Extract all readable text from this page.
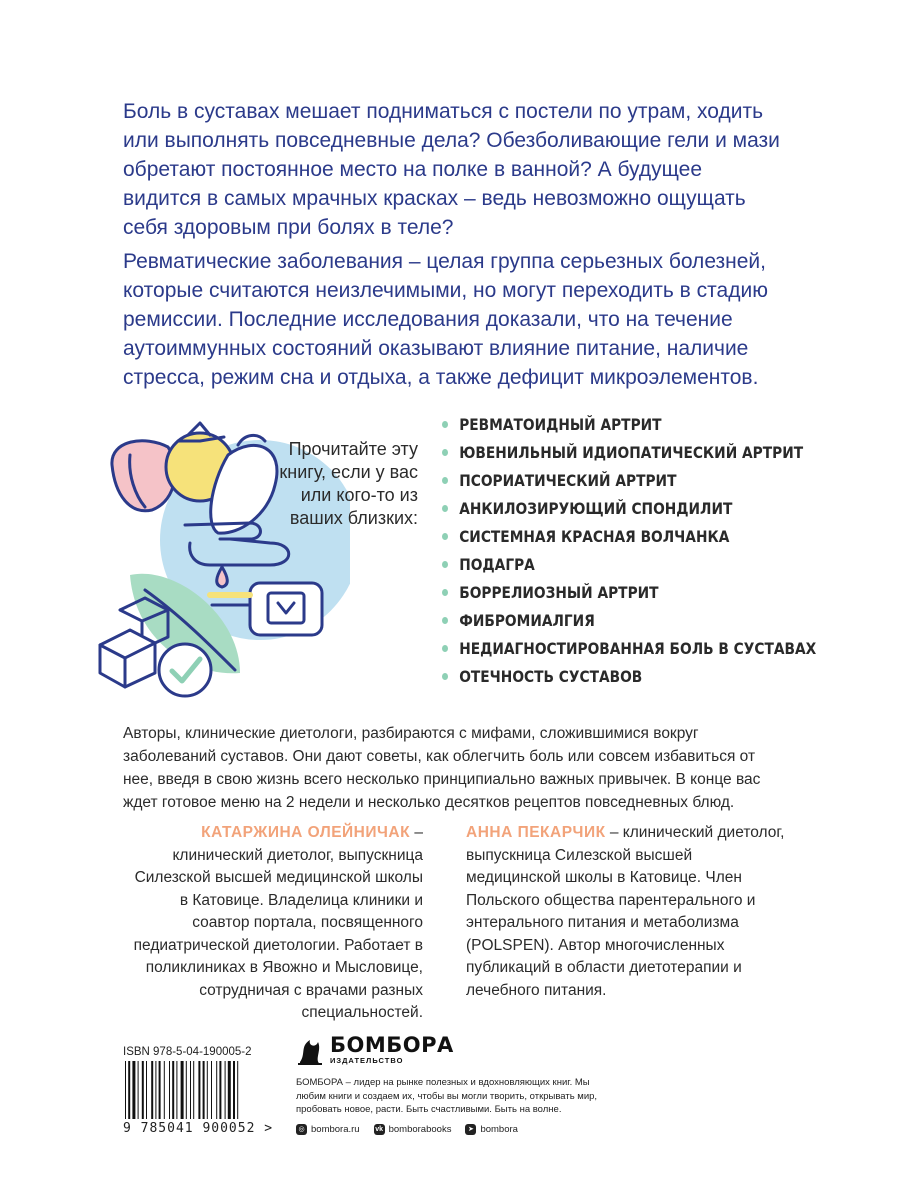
Боль в суставах мешает подниматься с постели по утрам, ходить или выполнять повседневные дела? Обезболивающие гели и мази обретают постоянное место на полке в ванной? А будущее видится в самых мрачных красках – ведь невозможно ощущать себя здоровым при болях в теле?

Ревматические заболевания – целая группа серьезных болезней, которые считаются неизлечимыми, но могут переходить в стадию ремиссии. Последние исследования доказали, что на течение аутоиммунных состояний оказывают влияние питание, наличие стресса, режим сна и отдыха, а также дефицит микроэлементов.

Прочитайте эту книгу, если у вас или кого-то из ваших близких:

РЕВМАТОИДНЫЙ АРТРИТ
ЮВЕНИЛЬНЫЙ ИДИОПАТИЧЕСКИЙ АРТРИТ
ПСОРИАТИЧЕСКИЙ АРТРИТ
АНКИЛОЗИРУЮЩИЙ СПОНДИЛИТ
СИСТЕМНАЯ КРАСНАЯ ВОЛЧАНКА
ПОДАГРА
БОРРЕЛИОЗНЫЙ АРТРИТ
ФИБРОМИАЛГИЯ
НЕДИАГНОСТИРОВАННАЯ БОЛЬ В СУСТАВАХ
ОТЕЧНОСТЬ СУСТАВОВ

Авторы, клинические диетологи, разбираются с мифами, сложившимися вокруг заболеваний суставов. Они дают советы, как облегчить боль или совсем избавиться от нее, введя в свою жизнь всего несколько принципиально важных привычек. В конце вас ждет готовое меню на 2 недели и несколько десятков рецептов повседневных блюд.

КАТАРЖИНА ОЛЕЙНИЧАК – клинический диетолог, выпускница Силезской высшей медицинской школы в Катовице. Владелица клиники и соавтор портала, посвященного педиатрической диетологии. Работает в поликлиниках в Явожно и Мысловице, сотрудничая с врачами разных специальностей.

АННА ПЕКАРЧИК – клинический диетолог, выпускница Силезской высшей медицинской школы в Катовице. Член Польского общества парентерального и энтерального питания и метаболизма (POLSPEN). Автор многочисленных публикаций в области диетотерапии и лечебного питания.

ISBN 978-5-04-190005-2

9 785041 900052 >
БОМБОРА
ИЗДАТЕЛЬСТВО

БОМБОРА – лидер на рынке полезных и вдохновляющих книг. Мы любим книги и создаем их, чтобы вы могли творить, открывать мир, пробовать новое, расти. Быть счастливыми. Быть на волне.

◎ bombora.ru vk bomborabooks	➤ bombora
